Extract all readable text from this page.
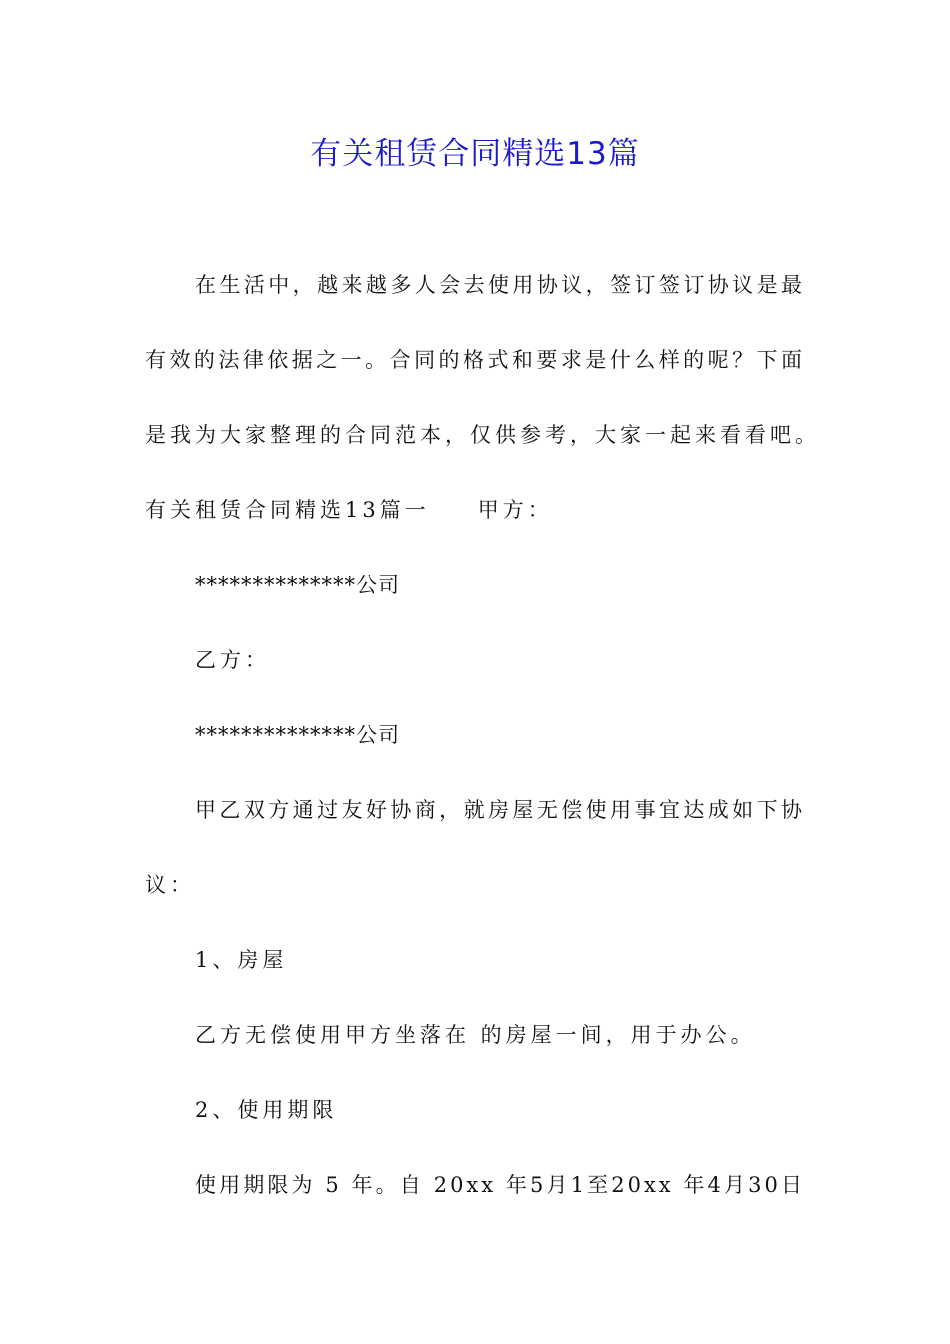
有关租赁合同精选13篇
在生活中，越来越多人会去使用协议，签订签订协议是最
有效的法律依据之一。合同的格式和要求是什么样的呢？下面
是我为大家整理的合同范本，仅供参考，大家一起来看看吧。
有关租赁合同精选13篇一 甲方：
**************公司
乙方：
**************公司
甲乙双方通过友好协商，就房屋无偿使用事宜达成如下协
议：
1、房屋
乙方无偿使用甲方坐落在 的房屋一间，用于办公。
2、使用期限
使用期限为 5 年。自 20xx 年5月1至20xx 年4月30日
